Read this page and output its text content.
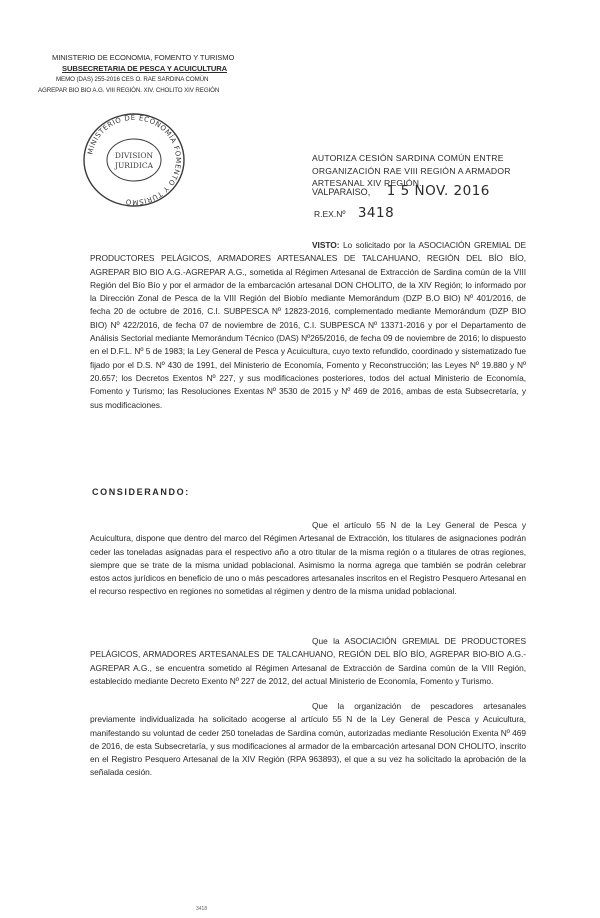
MINISTERIO DE ECONOMIA, FOMENTO Y TURISMO
SUBSECRETARIA DE PESCA Y ACUICULTURA
MEMO (DAS) 255-2016 CES O. RAE SARDINA COMÚN
AGREPAR BIO BIO A.G. VIII REGIÓN. XIV. CHOLITO XIV REGIÓN
MINISTERIO DE ECONOMÍA FOMENTO Y TURISMO
DIVISION
JURIDICA
AUTORIZA CESIÓN SARDINA COMÚN ENTRE ORGANIZACIÓN RAE VIII REGIÓN A ARMADOR ARTESANAL XIV REGIÓN.
VALPARAISO, 1 5 NOV. 2016
R.EX.Nº 3418
VISTO: Lo solicitado por la ASOCIACIÓN GREMIAL DE PRODUCTORES PELÁGICOS, ARMADORES ARTESANALES DE TALCAHUANO, REGIÓN DEL BÍO BÍO, AGREPAR BIO BIO A.G.-AGREPAR A.G., sometida al Régimen Artesanal de Extracción de Sardina común de la VIII Región del Bío Bío y por el armador de la embarcación artesanal DON CHOLITO, de la XIV Región; lo informado por la Dirección Zonal de Pesca de la VIII Región del Biobío mediante Memorándum (DZP B.O BIO) Nº 401/2016, de fecha 20 de octubre de 2016, C.I. SUBPESCA Nº 12823-2016, complementado mediante Memorándum (DZP BIO BIO) Nº 422/2016, de fecha 07 de noviembre de 2016, C.I. SUBPESCA Nº 13371-2016 y por el Departamento de Análisis Sectorial mediante Memorándum Técnico (DAS) Nº265/2016, de fecha 09 de noviembre de 2016; lo dispuesto en el D.F.L. Nº 5 de 1983; la Ley General de Pesca y Acuicultura, cuyo texto refundido, coordinado y sistematizado fue fijado por el D.S. Nº 430 de 1991, del Ministerio de Economía, Fomento y Reconstrucción; las Leyes Nº 19.880 y Nº 20.657; los Decretos Exentos Nº 227, y sus modificaciones posteriores, todos del actual Ministerio de Economía, Fomento y Turismo; las Resoluciones Exentas Nº 3530 de 2015 y Nº 469 de 2016, ambas de esta Subsecretaría, y sus modificaciones.
CONSIDERANDO:
Que el artículo 55 N de la Ley General de Pesca y Acuicultura, dispone que dentro del marco del Régimen Artesanal de Extracción, los titulares de asignaciones podrán ceder las toneladas asignadas para el respectivo año a otro titular de la misma región o a titulares de otras regiones, siempre que se trate de la misma unidad poblacional. Asimismo la norma agrega que también se podrán celebrar estos actos jurídicos en beneficio de uno o más pescadores artesanales inscritos en el Registro Pesquero Artesanal en el recurso respectivo en regiones no sometidas al régimen y dentro de la misma unidad poblacional.
Que la ASOCIACIÓN GREMIAL DE PRODUCTORES PELÁGICOS, ARMADORES ARTESANALES DE TALCAHUANO, REGIÓN DEL BÍO BÍO, AGREPAR BIO-BIO A.G.-AGREPAR A.G., se encuentra sometido al Régimen Artesanal de Extracción de Sardina común de la VIII Región, establecido mediante Decreto Exento Nº 227 de 2012, del actual Ministerio de Economía, Fomento y Turismo.
Que la organización de pescadores artesanales previamente individualizada ha solicitado acogerse al artículo 55 N de la Ley General de Pesca y Acuicultura, manifestando su voluntad de ceder 250 toneladas de Sardina común, autorizadas mediante Resolución Exenta Nº 469 de 2016, de esta Subsecretaría, y sus modificaciones al armador de la embarcación artesanal DON CHOLITO, inscrito en el Registro Pesquero Artesanal de la XIV Región (RPA 963893), el que a su vez ha solicitado la aprobación de la señalada cesión.
3418
